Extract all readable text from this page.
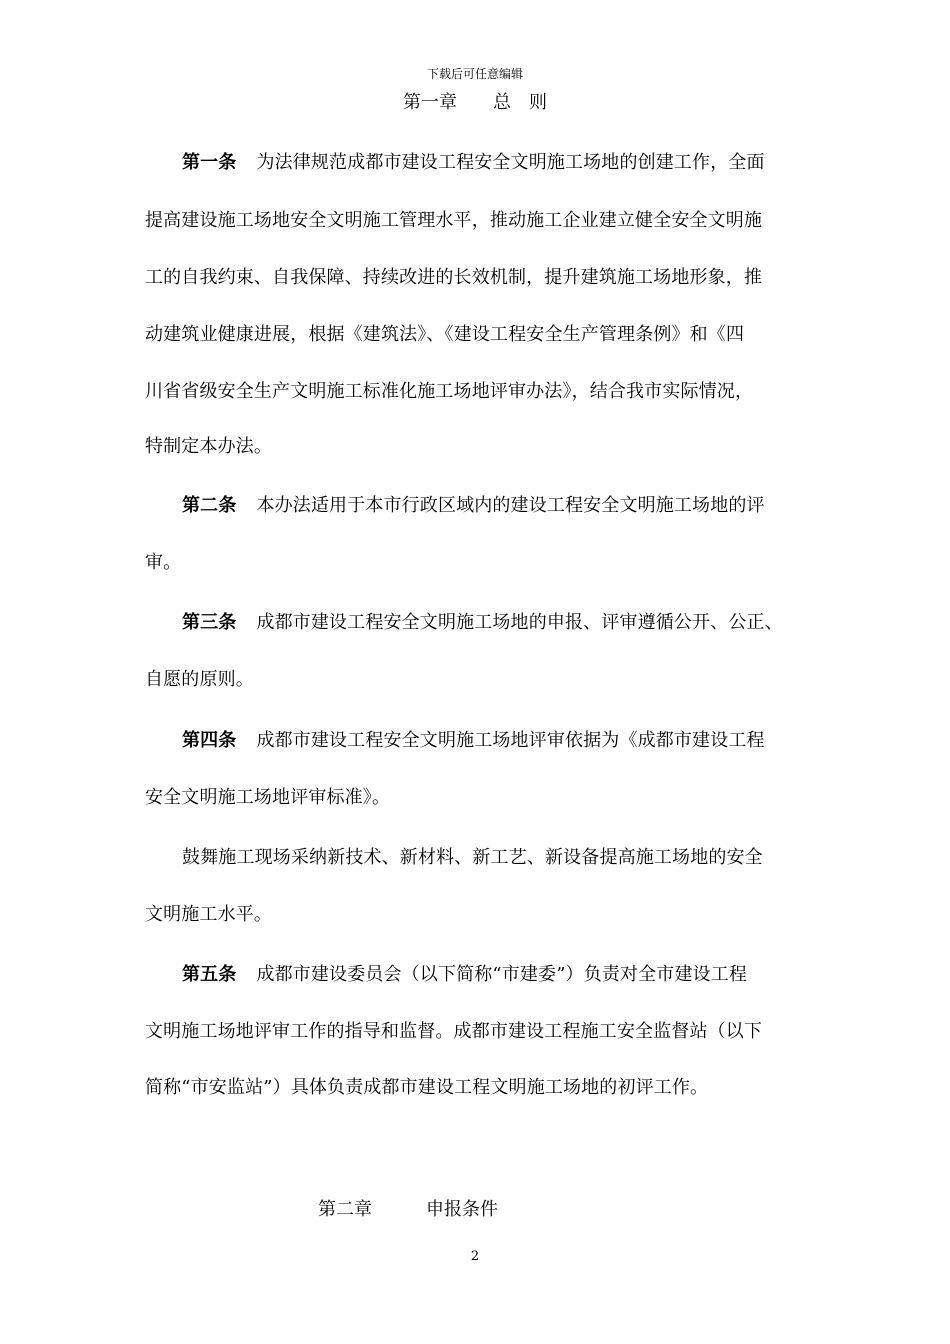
下载后可任意编辑
第一章　　总　则
第一条 为法律规范成都市建设工程安全文明施工场地的创建工作，全面
提高建设施工场地安全文明施工管理水平，推动施工企业建立健全安全文明施
工的自我约束、自我保障、持续改进的长效机制，提升建筑施工场地形象，推
动建筑业健康进展，根据《建筑法》、《建设工程安全生产管理条例》和《四
川省省级安全生产文明施工标准化施工场地评审办法》，结合我市实际情况，
特制定本办法。
第二条 本办法适用于本市行政区域内的建设工程安全文明施工场地的评
审。
第三条 成都市建设工程安全文明施工场地的申报、评审遵循公开、公正、
自愿的原则。
第四条 成都市建设工程安全文明施工场地评审依据为《成都市建设工程
安全文明施工场地评审标准》。
鼓舞施工现场采纳新技术、新材料、新工艺、新设备提高施工场地的安全
文明施工水平。
第五条 成都市建设委员会（以下简称“市建委”）负责对全市建设工程
文明施工场地评审工作的指导和监督。成都市建设工程施工安全监督站（以下
简称“市安监站”）具体负责成都市建设工程文明施工场地的初评工作。
第二章　　　申报条件
2
